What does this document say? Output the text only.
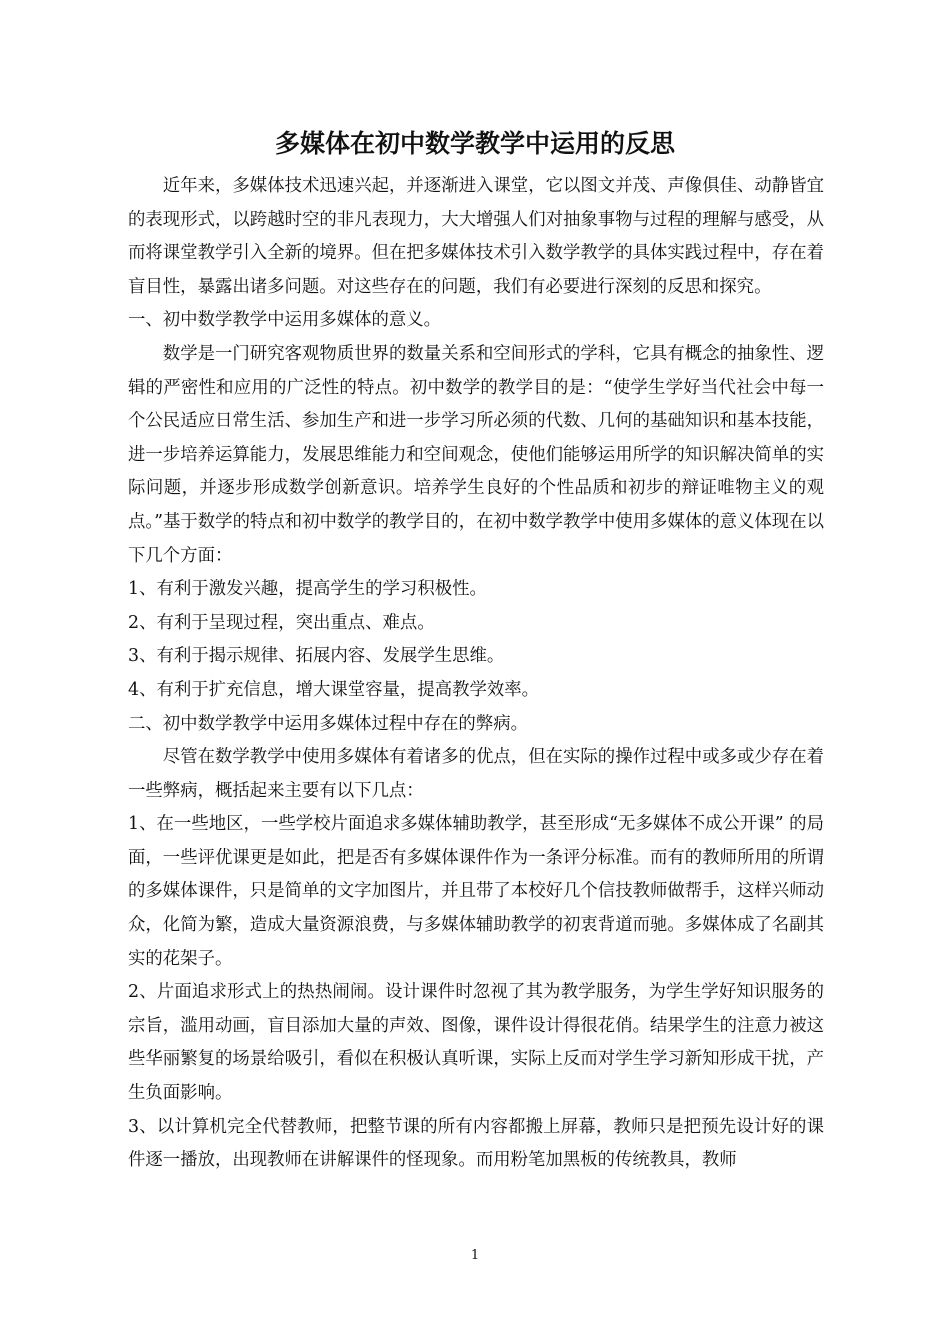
多媒体在初中数学教学中运用的反思

近年来，多媒体技术迅速兴起，并逐渐进入课堂，它以图文并茂、声像俱佳、动静皆宜的表现形式，以跨越时空的非凡表现力，大大增强人们对抽象事物与过程的理解与感受，从而将课堂教学引入全新的境界。但在把多媒体技术引入数学教学的具体实践过程中，存在着盲目性，暴露出诸多问题。对这些存在的问题，我们有必要进行深刻的反思和探究。

一、初中数学教学中运用多媒体的意义。

数学是一门研究客观物质世界的数量关系和空间形式的学科，它具有概念的抽象性、逻辑的严密性和应用的广泛性的特点。初中数学的教学目的是：“使学生学好当代社会中每一个公民适应日常生活、参加生产和进一步学习所必须的代数、几何的基础知识和基本技能，进一步培养运算能力，发展思维能力和空间观念，使他们能够运用所学的知识解决简单的实际问题，并逐步形成数学创新意识。培养学生良好的个性品质和初步的辩证唯物主义的观点。”基于数学的特点和初中数学的教学目的，在初中数学教学中使用多媒体的意义体现在以下几个方面：

1、有利于激发兴趣，提高学生的学习积极性。

2、有利于呈现过程，突出重点、难点。

3、有利于揭示规律、拓展内容、发展学生思维。

4、有利于扩充信息，增大课堂容量，提高教学效率。

二、初中数学教学中运用多媒体过程中存在的弊病。

尽管在数学教学中使用多媒体有着诸多的优点，但在实际的操作过程中或多或少存在着一些弊病，概括起来主要有以下几点：

1、在一些地区，一些学校片面追求多媒体辅助教学，甚至形成“无多媒体不成公开课” 的局面，一些评优课更是如此，把是否有多媒体课件作为一条评分标准。而有的教师所用的所谓的多媒体课件，只是简单的文字加图片，并且带了本校好几个信技教师做帮手，这样兴师动众，化简为繁，造成大量资源浪费，与多媒体辅助教学的初衷背道而驰。多媒体成了名副其实的花架子。

2、片面追求形式上的热热闹闹。设计课件时忽视了其为教学服务，为学生学好知识服务的宗旨，滥用动画，盲目添加大量的声效、图像，课件设计得很花俏。结果学生的注意力被这些华丽繁复的场景给吸引，看似在积极认真听课，实际上反而对学生学习新知形成干扰，产生负面影响。

3、以计算机完全代替教师，把整节课的所有内容都搬上屏幕，教师只是把预先设计好的课件逐一播放，出现教师在讲解课件的怪现象。而用粉笔加黑板的传统教具，教师

1
